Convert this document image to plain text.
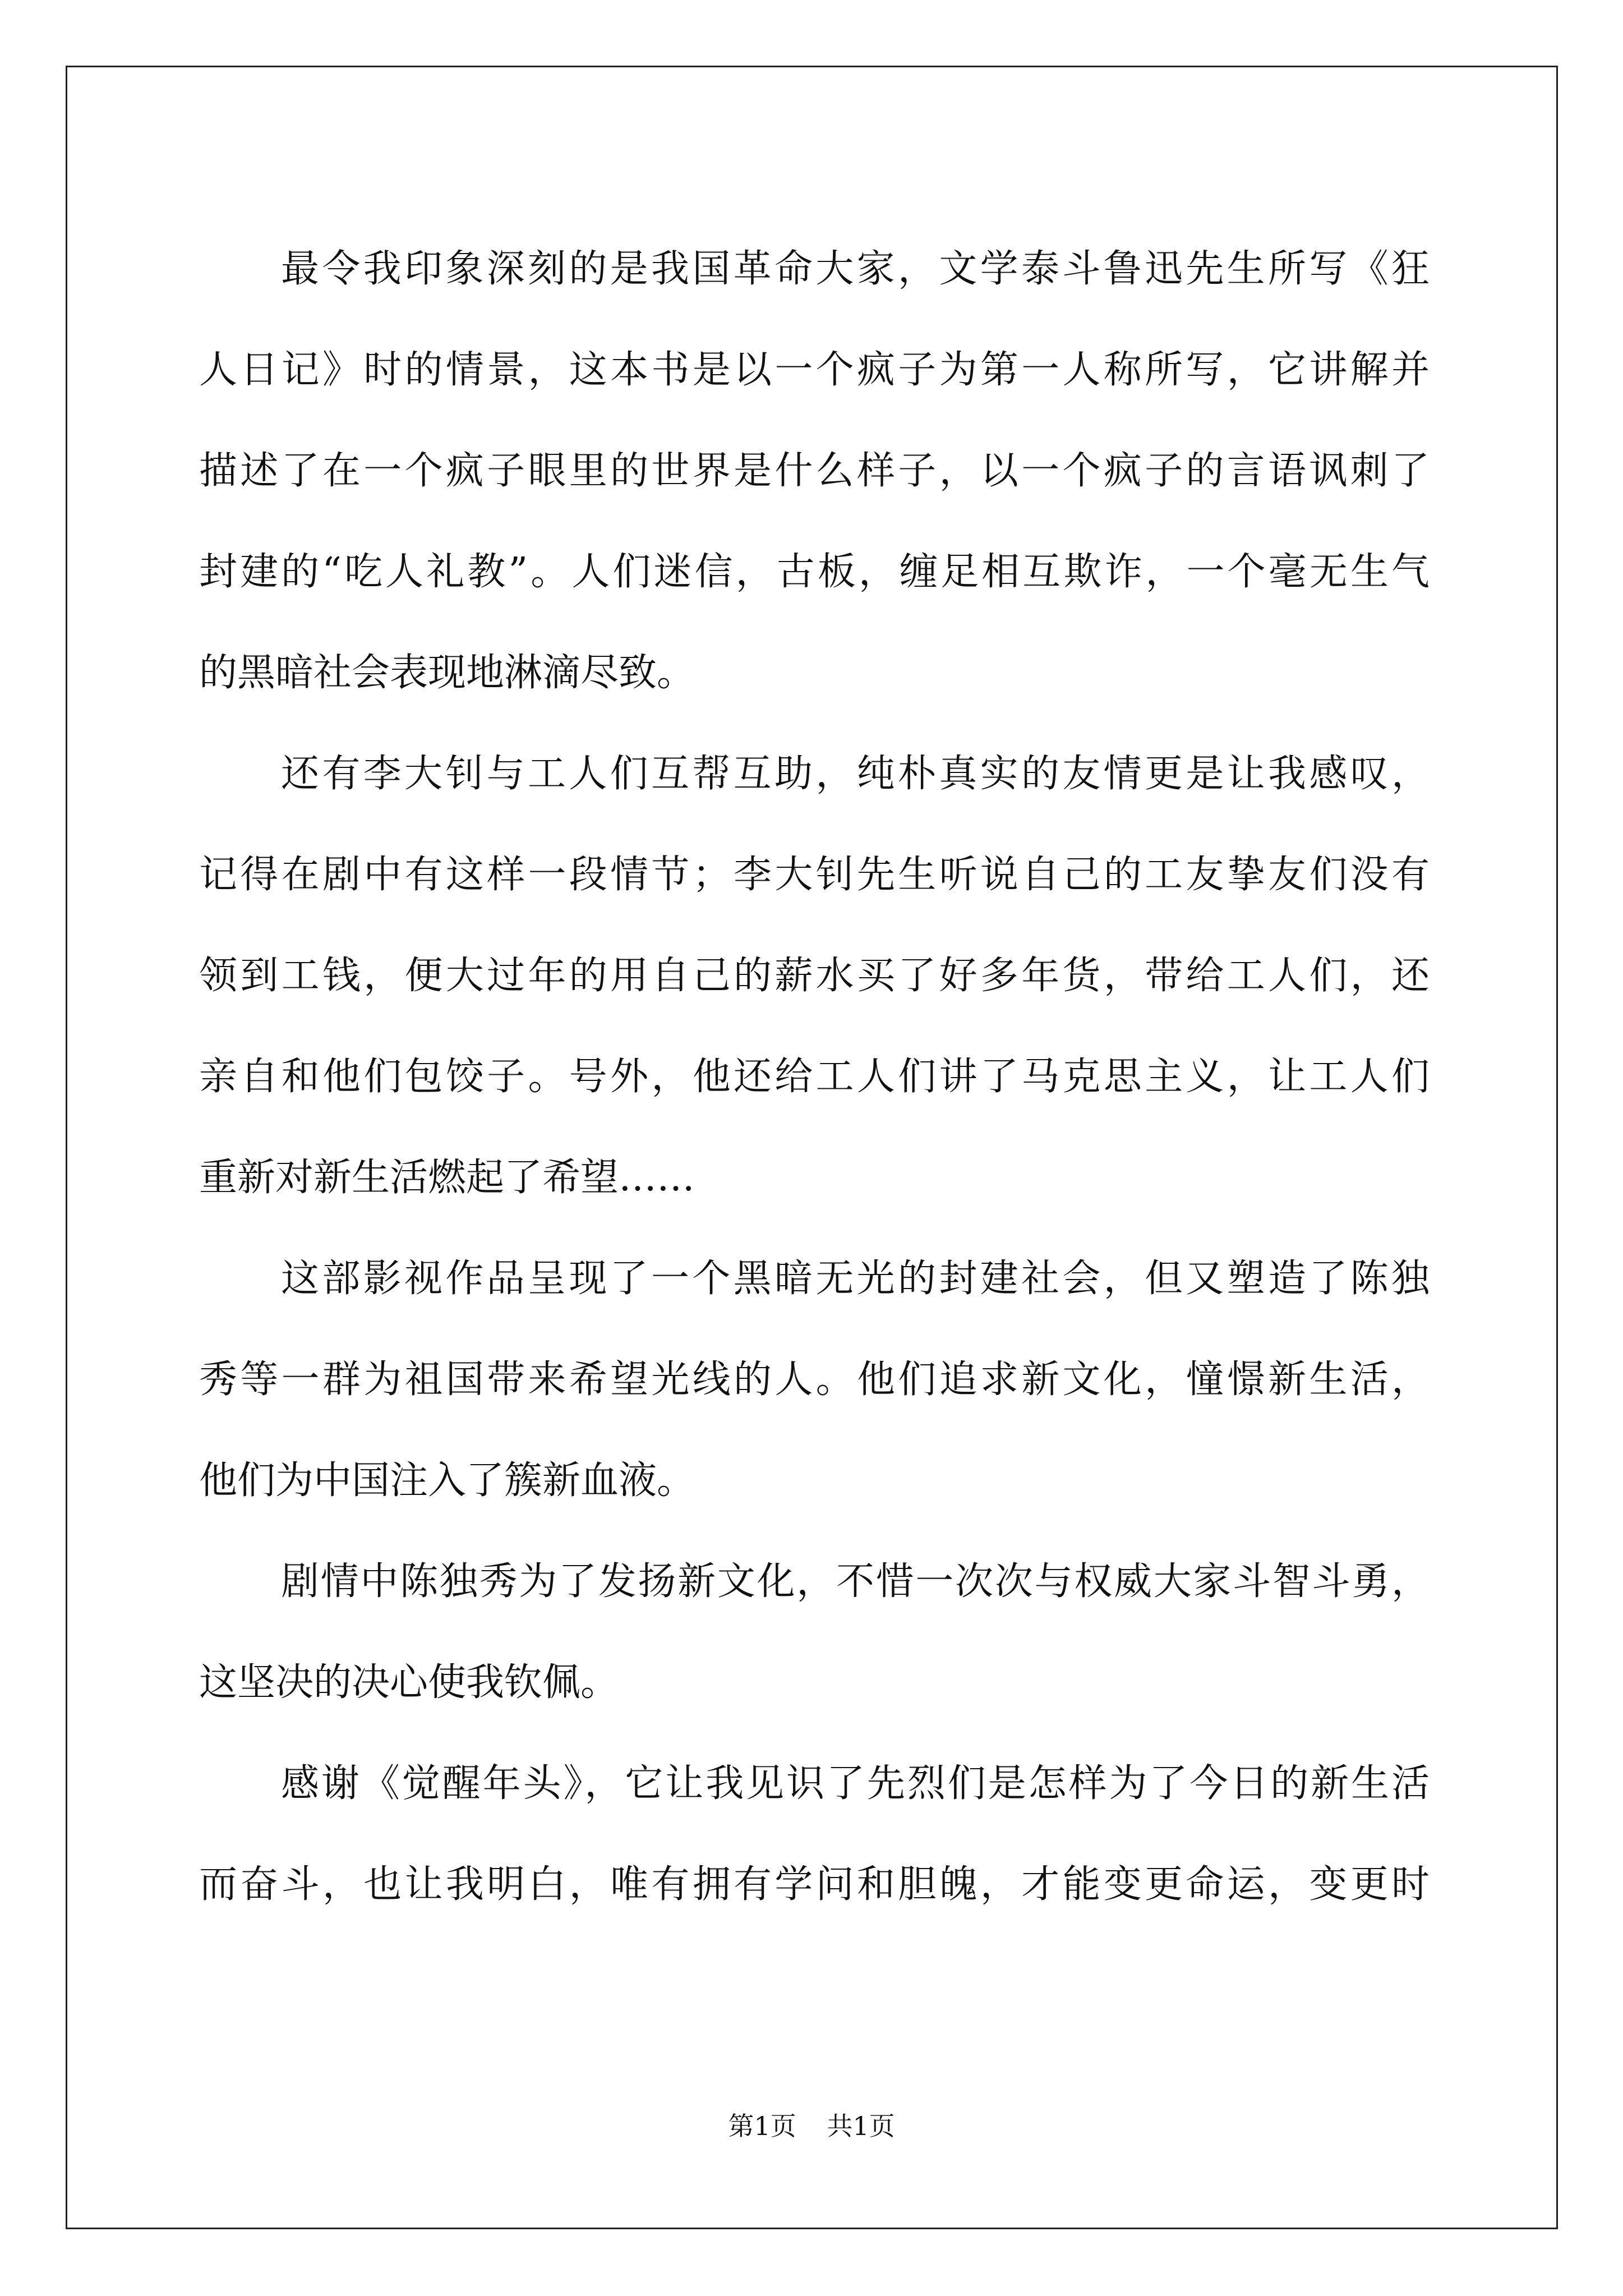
最令我印象深刻的是我国革命大家，文学泰斗鲁迅先生所写《狂
人日记》时的情景，这本书是以一个疯子为第一人称所写，它讲解并
描述了在一个疯子眼里的世界是什么样子，以一个疯子的言语讽刺了
封建的“吃人礼教”。人们迷信，古板，缠足相互欺诈，一个毫无生气
的黑暗社会表现地淋滴尽致。
还有李大钊与工人们互帮互助，纯朴真实的友情更是让我感叹，
记得在剧中有这样一段情节；李大钊先生听说自己的工友挚友们没有
领到工钱，便大过年的用自己的薪水买了好多年货，带给工人们，还
亲自和他们包饺子。号外，他还给工人们讲了马克思主义，让工人们
重新对新生活燃起了希望……
这部影视作品呈现了一个黑暗无光的封建社会，但又塑造了陈独
秀等一群为祖国带来希望光线的人。他们追求新文化，憧憬新生活，
他们为中国注入了簇新血液。
剧情中陈独秀为了发扬新文化，不惜一次次与权威大家斗智斗勇，
这坚决的决心使我钦佩。
感谢《觉醒年头》，它让我见识了先烈们是怎样为了今日的新生活
而奋斗，也让我明白，唯有拥有学问和胆魄，才能变更命运，变更时
第1页 共1页
